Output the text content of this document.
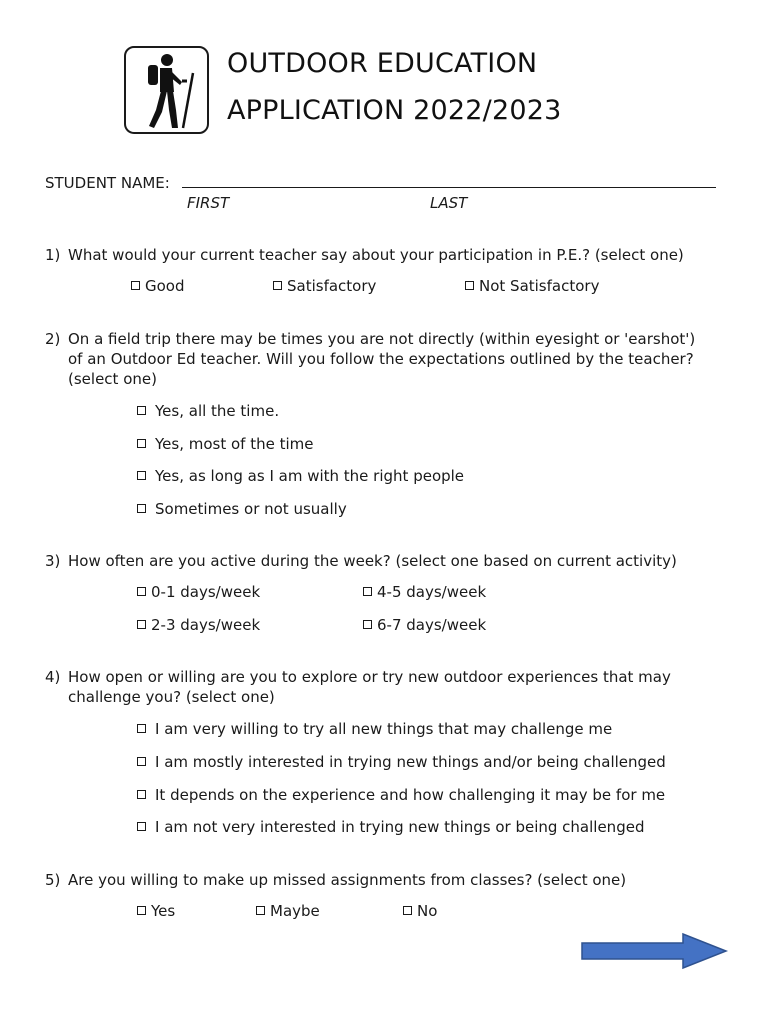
OUTDOOR EDUCATION
APPLICATION 2022/2023
STUDENT NAME:
FIRST	LAST
1) What would your current teacher say about your participation in P.E.? (select one)
Good	Satisfactory	Not Satisfactory
2) On a field trip there may be times you are not directly (within eyesight or 'earshot')
of an Outdoor Ed teacher. Will you follow the expectations outlined by the teacher?
(select one)
Yes, all the time.
Yes, most of the time
Yes, as long as I am with the right people
Sometimes or not usually
3) How often are you active during the week? (select one based on current activity)
0-1 days/week	4-5 days/week
2-3 days/week	6-7 days/week
4) How open or willing are you to explore or try new outdoor experiences that may
challenge you? (select one)
I am very willing to try all new things that may challenge me
I am mostly interested in trying new things and/or being challenged
It depends on the experience and how challenging it may be for me
I am not very interested in trying new things or being challenged
5) Are you willing to make up missed assignments from classes? (select one)
Yes	Maybe	No
